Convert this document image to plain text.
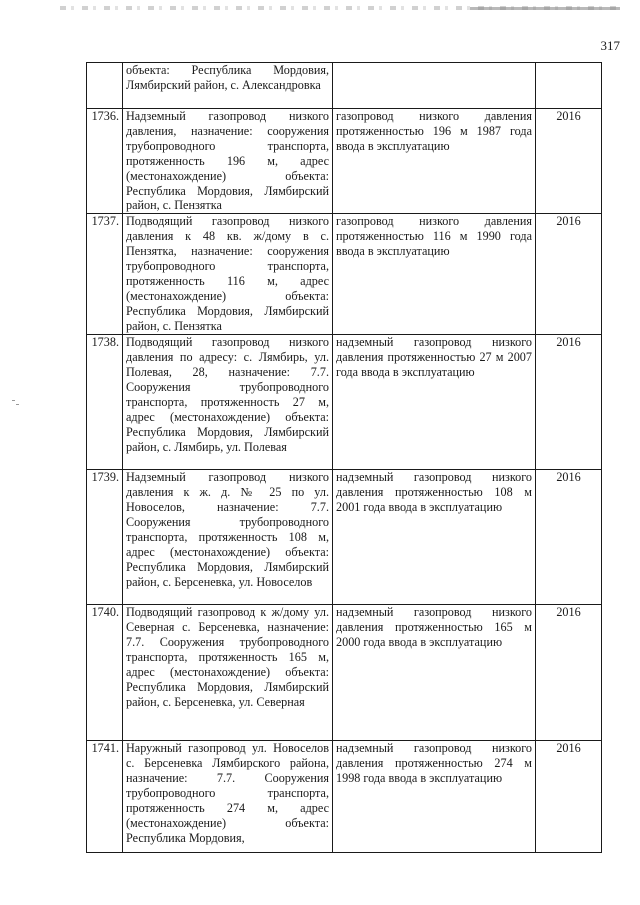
317
	объекта: Республика Мордовия, Лямбирский район, с. Александровка		
1736.	Надземный газопровод низкого давления, назначение: сооружения трубопроводного транспорта, протяженность 196 м, адрес (местонахождение) объекта: Республика Мордовия, Лямбирский район, с. Пензятка	газопровод низкого давления протяженностью 196 м 1987 года ввода в эксплуатацию	2016
1737.	Подводящий газопровод низкого давления к 48 кв. ж/дому в с. Пензятка, назначение: сооружения трубопроводного транспорта, протяженность 116 м, адрес (местонахождение) объекта: Республика Мордовия, Лямбирский район, с. Пензятка	газопровод низкого давления протяженностью 116 м 1990 года ввода в эксплуатацию	2016
1738.	Подводящий газопровод низкого давления по адресу: с. Лямбирь, ул. Полевая, 28, назначение: 7.7. Сооружения трубопроводного транспорта, протяженность 27 м, адрес (местонахождение) объекта: Республика Мордовия, Лямбирский район, с. Лямбирь, ул. Полевая	надземный газопровод низкого давления протяженностью 27 м 2007 года ввода в эксплуатацию	2016
1739.	Надземный газопровод низкого давления к ж. д. № 25 по ул. Новоселов, назначение: 7.7. Сооружения трубопроводного транспорта, протяженность 108 м, адрес (местонахождение) объекта: Республика Мордовия, Лямбирский район, с. Берсеневка, ул. Новоселов	надземный газопровод низкого давления протяженностью 108 м 2001 года ввода в эксплуатацию	2016
1740.	Подводящий газопровод к ж/дому ул. Северная с. Берсеневка, назначение: 7.7. Сооружения трубопроводного транспорта, протяженность 165 м, адрес (местонахождение) объекта: Республика Мордовия, Лямбирский район, с. Берсеневка, ул. Северная	надземный газопровод низкого давления протяженностью 165 м 2000 года ввода в эксплуатацию	2016
1741.	Наружный газопровод ул. Новоселов с. Берсеневка Лямбирского района, назначение: 7.7. Сооружения трубопроводного транспорта, протяженность 274 м, адрес (местонахождение) объекта: Республика Мордовия,	надземный газопровод низкого давления протяженностью 274 м 1998 года ввода в эксплуатацию	2016
